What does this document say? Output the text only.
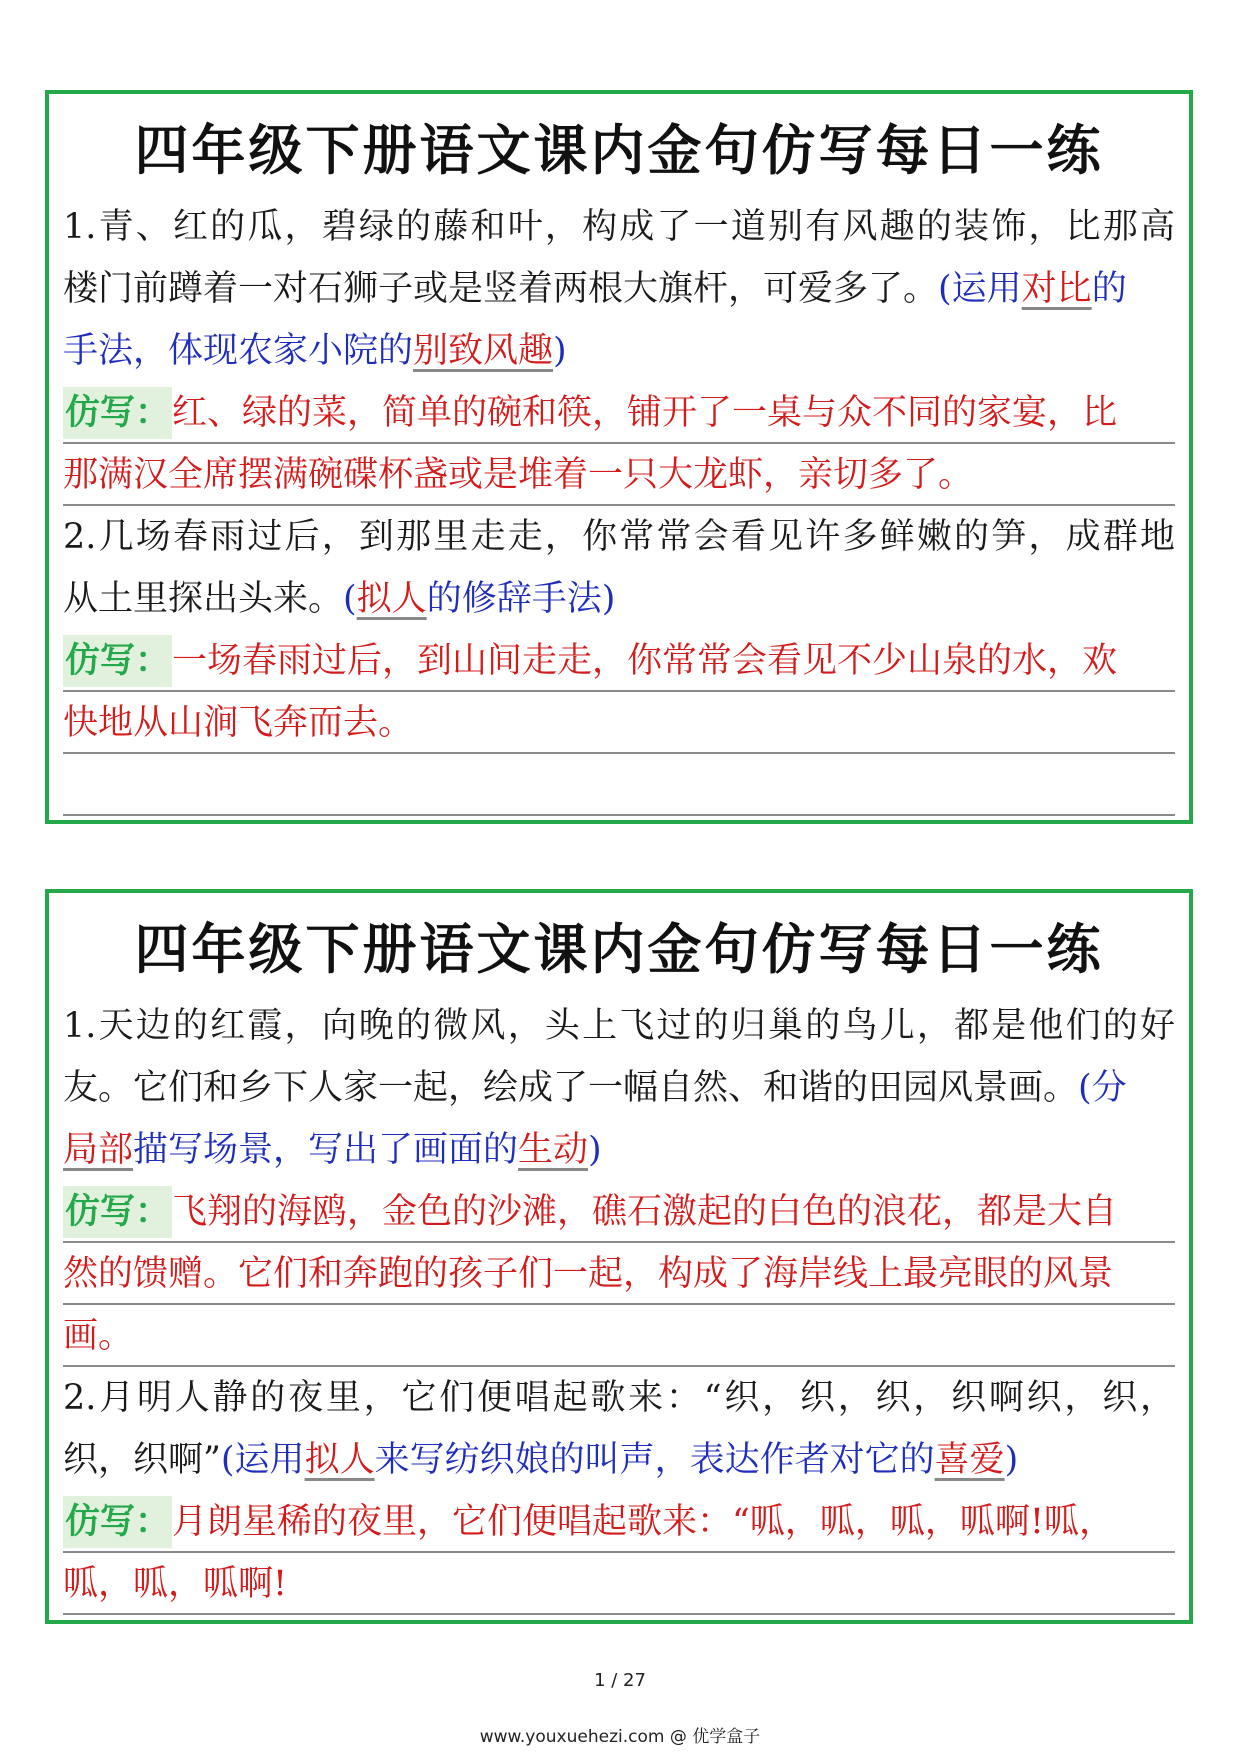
四年级下册语文课内金句仿写每日一练
1.青、红的瓜，碧绿的藤和叶，构成了一道别有风趣的装饰，比那高
楼门前蹲着一对石狮子或是竖着两根大旗杆，可爱多了。(运用对比的
手法，体现农家小院的别致风趣)
仿写：红、绿的菜，简单的碗和筷，铺开了一桌与众不同的家宴，比
那满汉全席摆满碗碟杯盏或是堆着一只大龙虾，亲切多了。
2.几场春雨过后，到那里走走，你常常会看见许多鲜嫩的笋，成群地
从土里探出头来。(拟人的修辞手法)
仿写：一场春雨过后，到山间走走，你常常会看见不少山泉的水，欢
快地从山涧飞奔而去。
四年级下册语文课内金句仿写每日一练
1.天边的红霞，向晚的微风，头上飞过的归巢的鸟儿，都是他们的好
友。它们和乡下人家一起，绘成了一幅自然、和谐的田园风景画。(分
局部描写场景，写出了画面的生动)
仿写：飞翔的海鸥，金色的沙滩，礁石激起的白色的浪花，都是大自
然的馈赠。它们和奔跑的孩子们一起，构成了海岸线上最亮眼的风景
画。
2.月明人静的夜里，它们便唱起歌来：“织，织，织，织啊织，织，
织，织啊”(运用拟人来写纺织娘的叫声，表达作者对它的喜爱)
仿写：月朗星稀的夜里，它们便唱起歌来：“呱，呱，呱，呱啊!呱，
呱，呱，呱啊!
1 / 27
www.youxuehezi.com @ 优学盒子
